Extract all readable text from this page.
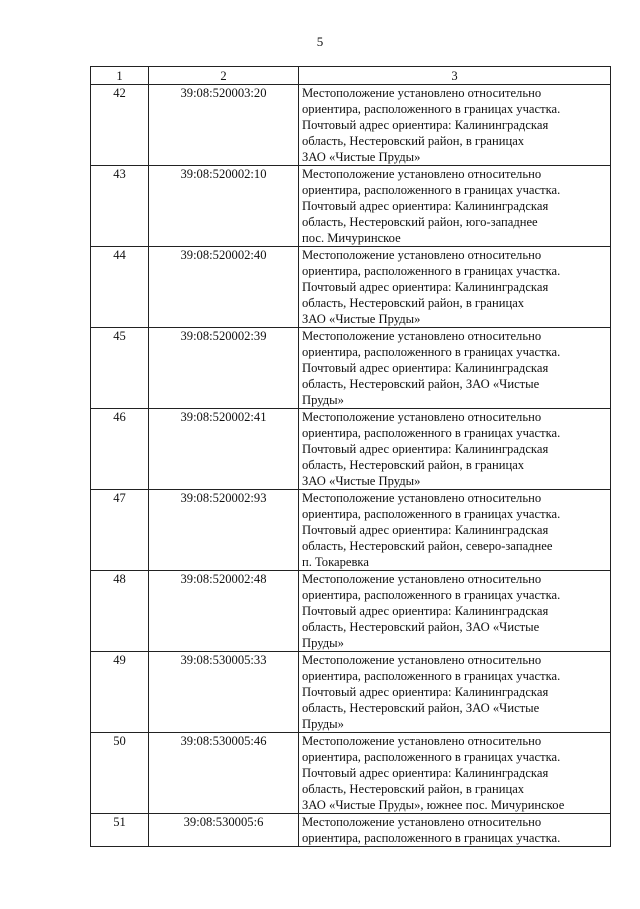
5
1	2	3
42	39:08:520003:20	Местоположение установлено относительно
ориентира, расположенного в границах участка.
Почтовый адрес ориентира: Калининградская
область, Нестеровский район, в границах
ЗАО «Чистые Пруды»

43	39:08:520002:10	Местоположение установлено относительно
ориентира, расположенного в границах участка.
Почтовый адрес ориентира: Калининградская
область, Нестеровский район, юго-западнее
пос. Мичуринское

44	39:08:520002:40	Местоположение установлено относительно
ориентира, расположенного в границах участка.
Почтовый адрес ориентира: Калининградская
область, Нестеровский район, в границах
ЗАО «Чистые Пруды»

45	39:08:520002:39	Местоположение установлено относительно
ориентира, расположенного в границах участка.
Почтовый адрес ориентира: Калининградская
область, Нестеровский район, ЗАО «Чистые
Пруды»

46	39:08:520002:41	Местоположение установлено относительно
ориентира, расположенного в границах участка.
Почтовый адрес ориентира: Калининградская
область, Нестеровский район, в границах
ЗАО «Чистые Пруды»

47	39:08:520002:93	Местоположение установлено относительно
ориентира, расположенного в границах участка.
Почтовый адрес ориентира: Калининградская
область, Нестеровский район, северо-западнее
п. Токаревка

48	39:08:520002:48	Местоположение установлено относительно
ориентира, расположенного в границах участка.
Почтовый адрес ориентира: Калининградская
область, Нестеровский район, ЗАО «Чистые
Пруды»

49	39:08:530005:33	Местоположение установлено относительно
ориентира, расположенного в границах участка.
Почтовый адрес ориентира: Калининградская
область, Нестеровский район, ЗАО «Чистые
Пруды»

50	39:08:530005:46	Местоположение установлено относительно
ориентира, расположенного в границах участка.
Почтовый адрес ориентира: Калининградская
область, Нестеровский район, в границах
ЗАО «Чистые Пруды», южнее пос. Мичуринское

51	39:08:530005:6	Местоположение установлено относительно
ориентира, расположенного в границах участка.
